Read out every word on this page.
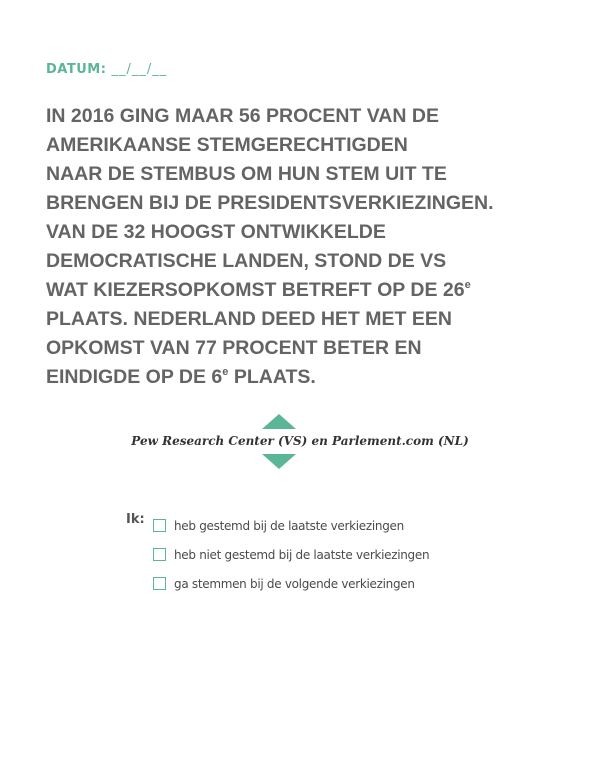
DATUM: __/__/__
IN 2016 GING MAAR 56 PROCENT VAN DE
AMERIKAANSE STEMGERECHTIGDEN
NAAR DE STEMBUS OM HUN STEM UIT TE
BRENGEN BIJ DE PRESIDENTSVERKIEZINGEN.
VAN DE 32 HOOGST ONTWIKKELDE
DEMOCRATISCHE LANDEN, STOND DE VS
WAT KIEZERSOPKOMST BETREFT OP DE 26e
PLAATS. NEDERLAND DEED HET MET EEN
OPKOMST VAN 77 PROCENT BETER EN
EINDIGDE OP DE 6e PLAATS.
Pew Research Center (VS) en Parlement.com (NL)
Ik: heb gestemd bij de laatste verkiezingen
heb niet gestemd bij de laatste verkiezingen
ga stemmen bij de volgende verkiezingen
